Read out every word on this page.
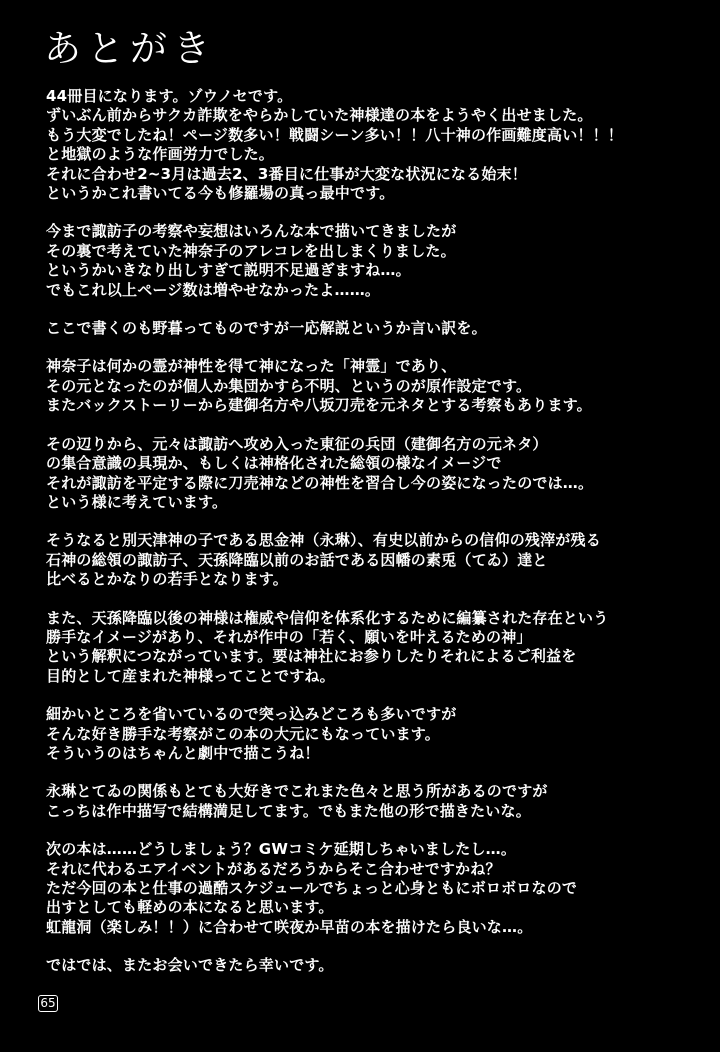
あとがき
44冊目になります。ゾウノセです。
ずいぶん前からサクカ詐欺をやらかしていた神様達の本をようやく出せました。
もう大変でしたね！ページ数多い！戦闘シーン多い！！八十神の作画難度高い！！！
と地獄のような作画労力でした。
それに合わせ2~3月は過去2、3番目に仕事が大変な状況になる始末！
というかこれ書いてる今も修羅場の真っ最中です。
今まで諏訪子の考察や妄想はいろんな本で描いてきましたが
その裏で考えていた神奈子のアレコレを出しまくりました。
というかいきなり出しすぎて説明不足過ぎますね…。
でもこれ以上ページ数は増やせなかったよ……。
ここで書くのも野暮ってものですが一応解説というか言い訳を。
神奈子は何かの霊が神性を得て神になった「神霊」であり、
その元となったのが個人か集団かすら不明、というのが原作設定です。
またバックストーリーから建御名方や八坂刀売を元ネタとする考察もあります。
その辺りから、元々は諏訪へ攻め入った東征の兵団（建御名方の元ネタ）
の集合意識の具現か、もしくは神格化された総領の様なイメージで
それが諏訪を平定する際に刀売神などの神性を習合し今の姿になったのでは…。
という様に考えています。
そうなると別天津神の子である思金神（永琳）、有史以前からの信仰の残滓が残る
石神の総領の諏訪子、天孫降臨以前のお話である因幡の素兎（てゐ）達と
比べるとかなりの若手となります。
また、天孫降臨以後の神様は権威や信仰を体系化するために編纂された存在という
勝手なイメージがあり、それが作中の「若く、願いを叶えるための神」
という解釈につながっています。要は神社にお参りしたりそれによるご利益を
目的として産まれた神様ってことですね。
細かいところを省いているので突っ込みどころも多いですが
そんな好き勝手な考察がこの本の大元にもなっています。
そういうのはちゃんと劇中で描こうね！
永琳とてゐの関係もとても大好きでこれまた色々と思う所があるのですが
こっちは作中描写で結構満足してます。でもまた他の形で描きたいな。
次の本は……どうしましょう？GWコミケ延期しちゃいましたし…。
それに代わるエアイベントがあるだろうからそこ合わせですかね？
ただ今回の本と仕事の過酷スケジュールでちょっと心身ともにボロボロなので
出すとしても軽めの本になると思います。
虹龍洞（楽しみ！！）に合わせて咲夜か早苗の本を描けたら良いな…。
ではでは、またお会いできたら幸いです。
65
